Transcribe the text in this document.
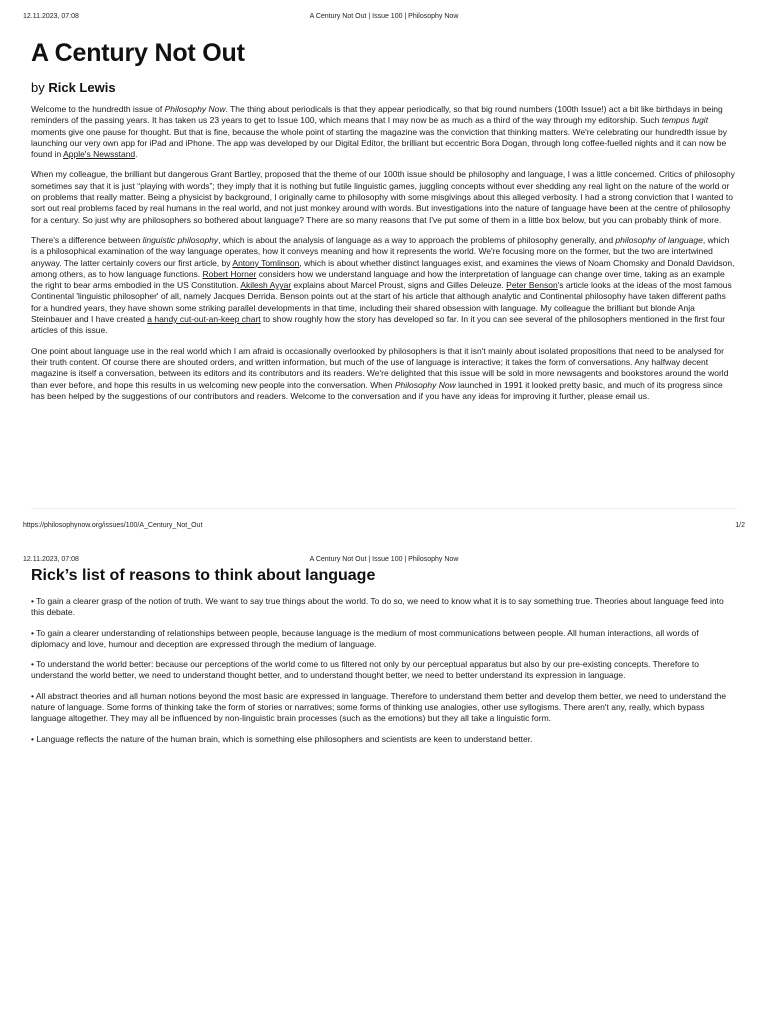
12.11.2023, 07:08	A Century Not Out | Issue 100 | Philosophy Now
A Century Not Out
by Rick Lewis

Welcome to the hundredth issue of Philosophy Now. The thing about periodicals is that they appear periodically, so that big round numbers (100th Issue!) act a bit like birthdays in being reminders of the passing years. It has taken us 23 years to get to Issue 100, which means that I may now be as much as a third of the way through my editorship. Such tempus fugit moments give one pause for thought. But that is fine, because the whole point of starting the magazine was the conviction that thinking matters. We're celebrating our hundredth issue by launching our very own app for iPad and iPhone. The app was developed by our Digital Editor, the brilliant but eccentric Bora Dogan, through long coffee-fuelled nights and it can now be found in Apple's Newsstand.

When my colleague, the brilliant but dangerous Grant Bartley, proposed that the theme of our 100th issue should be philosophy and language, I was a little concerned. Critics of philosophy sometimes say that it is just “playing with words”; they imply that it is nothing but futile linguistic games, juggling concepts without ever shedding any real light on the nature of the world or on problems that really matter. Being a physicist by background, I originally came to philosophy with some misgivings about this alleged verbosity. I had a strong conviction that I wanted to sort out real problems faced by real humans in the real world, and not just monkey around with words. But investigations into the nature of language have been at the centre of philosophy for a century. So just why are philosophers so bothered about language? There are so many reasons that I've put some of them in a little box below, but you can probably think of more.

There's a difference between linguistic philosophy, which is about the analysis of language as a way to approach the problems of philosophy generally, and philosophy of language, which is a philosophical examination of the way language operates, how it conveys meaning and how it represents the world. We're focusing more on the former, but the two are intertwined anyway. The latter certainly covers our first article, by Antony Tomlinson, which is about whether distinct languages exist, and examines the views of Noam Chomsky and Donald Davidson, among others, as to how language functions. Robert Horner considers how we understand language and how the interpretation of language can change over time, taking as an example the right to bear arms embodied in the US Constitution. Akilesh Ayyar explains about Marcel Proust, signs and Gilles Deleuze. Peter Benson's article looks at the ideas of the most famous Continental 'linguistic philosopher' of all, namely Jacques Derrida. Benson points out at the start of his article that although analytic and Continental philosophy have taken different paths for a hundred years, they have shown some striking parallel developments in that time, including their shared obsession with language. My colleague the brilliant but blonde Anja Steinbauer and I have created a handy cut-out-an-keep chart to show roughly how the story has developed so far. In it you can see several of the philosophers mentioned in the first four articles of this issue.

One point about language use in the real world which I am afraid is occasionally overlooked by philosophers is that it isn't mainly about isolated propositions that need to be analysed for their truth content. Of course there are shouted orders, and written information, but much of the use of language is interactive; it takes the form of conversations. Any halfway decent magazine is itself a conversation, between its editors and its contributors and its readers. We're delighted that this issue will be sold in more newsagents and bookstores around the world than ever before, and hope this results in us welcoming new people into the conversation. When Philosophy Now launched in 1991 it looked pretty basic, and much of its progress since has been helped by the suggestions of our contributors and readers. Welcome to the conversation and if you have any ideas for improving it further, please email us.

https://philosophynow.org/issues/100/A_Century_Not_Out	1/2
12.11.2023, 07:08	A Century Not Out | Issue 100 | Philosophy Now
Rick’s list of reasons to think about language

• To gain a clearer grasp of the notion of truth. We want to say true things about the world. To do so, we need to know what it is to say something true. Theories about language feed into this debate.

• To gain a clearer understanding of relationships between people, because language is the medium of most communications between people. All human interactions, all words of diplomacy and love, humour and deception are expressed through the medium of language.

• To understand the world better: because our perceptions of the world come to us filtered not only by our perceptual apparatus but also by our pre-existing concepts. Therefore to understand the world better, we need to understand thought better, and to understand thought better, we need to better understand its expression in language.

• All abstract theories and all human notions beyond the most basic are expressed in language. Therefore to understand them better and develop them better, we need to understand the nature of language. Some forms of thinking take the form of stories or narratives; some forms of thinking use analogies, other use syllogisms. There aren't any, really, which bypass language altogether. They may all be influenced by non-linguistic brain processes (such as the emotions) but they all take a linguistic form.

• Language reflects the nature of the human brain, which is something else philosophers and scientists are keen to understand better.
